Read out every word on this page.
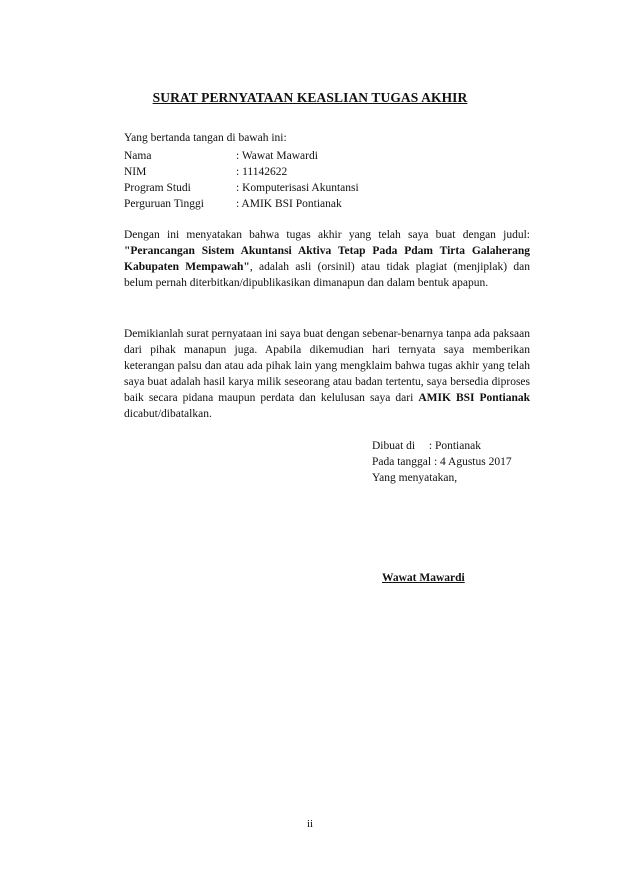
SURAT PERNYATAAN KEASLIAN TUGAS AKHIR
Yang bertanda tangan di bawah ini:
Nama	: Wawat Mawardi
NIM	: 11142622
Program Studi	: Komputerisasi Akuntansi
Perguruan Tinggi	: AMIK BSI Pontianak
Dengan ini menyatakan bahwa tugas akhir yang telah saya buat dengan judul: "Perancangan Sistem Akuntansi Aktiva Tetap Pada Pdam Tirta Galaherang Kabupaten Mempawah", adalah asli (orsinil) atau tidak plagiat (menjiplak) dan belum pernah diterbitkan/dipublikasikan dimanapun dan dalam bentuk apapun.
Demikianlah surat pernyataan ini saya buat dengan sebenar-benarnya tanpa ada paksaan dari pihak manapun juga. Apabila dikemudian hari ternyata saya memberikan keterangan palsu dan atau ada pihak lain yang mengklaim bahwa tugas akhir yang telah saya buat adalah hasil karya milik seseorang atau badan tertentu, saya bersedia diproses baik secara pidana maupun perdata dan kelulusan saya dari AMIK BSI Pontianak dicabut/dibatalkan.
Dibuat di : Pontianak
Pada tanggal : 4 Agustus 2017
Yang menyatakan,
Wawat Mawardi
ii
